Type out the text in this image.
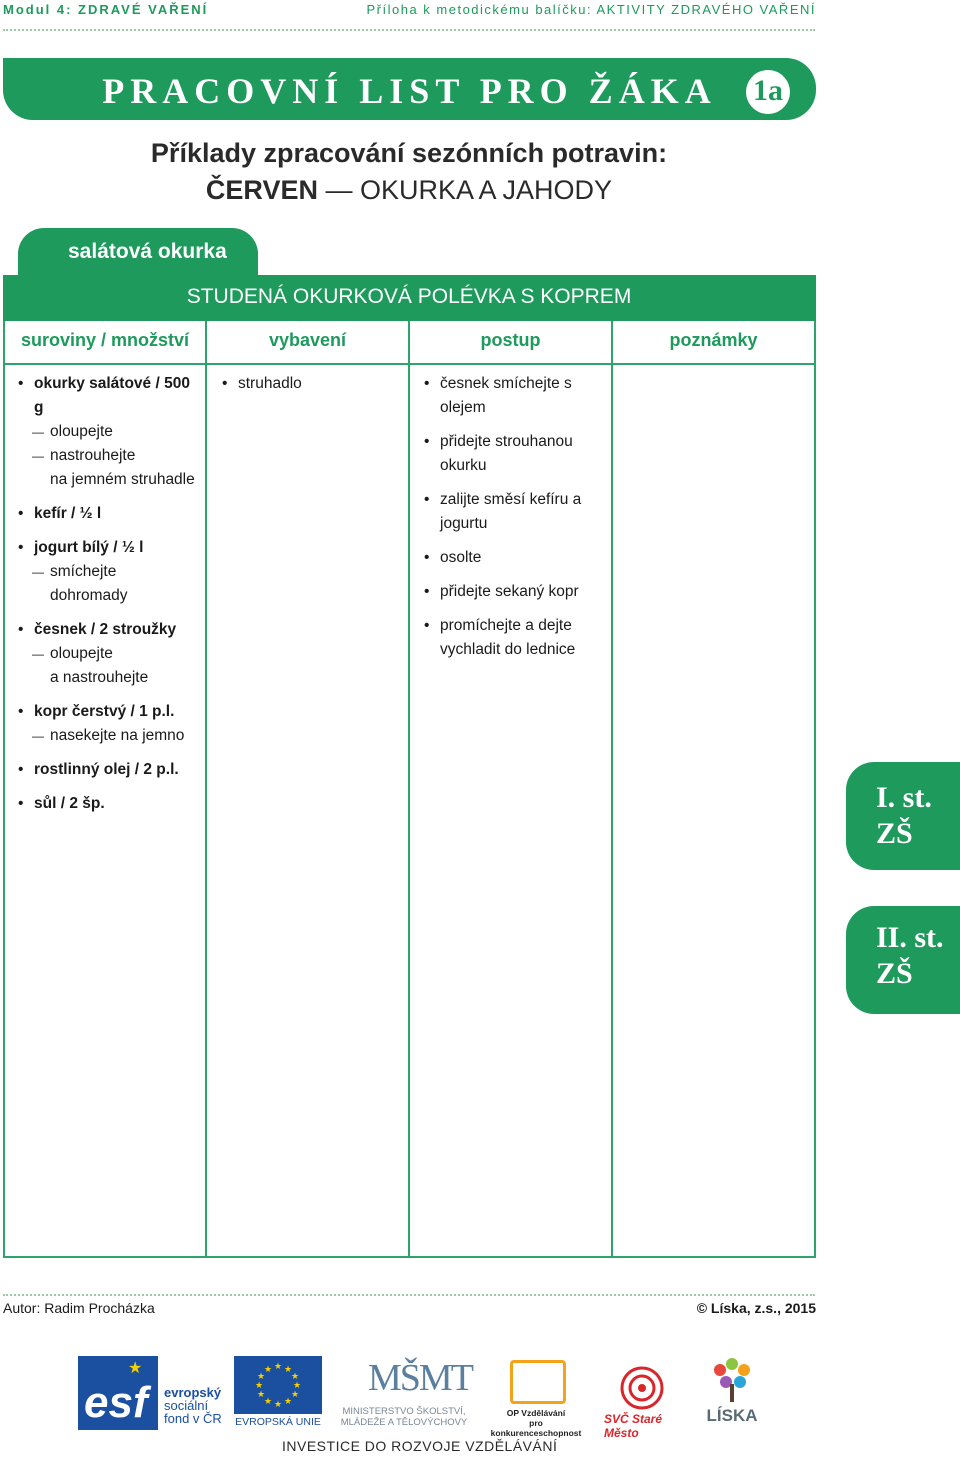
Modul 4: ZDRAVÉ VAŘENÍ	Příloha k metodickému balíčku: AKTIVITY ZDRAVÉHO VAŘENÍ
PRACOVNÍ LIST PRO ŽÁKA	1a
Příklady zpracování sezónních potravin:
ČERVEN — OKURKA A JAHODY
salátová okurka
STUDENÁ OKURKOVÁ POLÉVKA S KOPREM
suroviny / množství	vybavení	postup	poznámky
• okurky salátové / 500 g
— oloupejte
— nastrouhejte
na jemném struhadle
• kefír / ½ l
• jogurt bílý / ½ l
— smíchejte dohromady
• česnek / 2 stroužky
— oloupejte
a nastrouhejte
• kopr čerstvý / 1 p.l.
— nasekejte na jemno
• rostlinný olej / 2 p.l.
• sůl / 2 šp.
• struhadlo
•	česnek smíchejte s olejem
• přidejte strouhanou okurku
• zalijte směsí kefíru a jogurtu
• osolte
• přidejte sekaný kopr
• promíchejte a dejte vychladit do lednice
I. st.
ZŠ
II. st.
ZŠ
Autor: Radim Procházka	© Líska, z.s., 2015
esf
★
evropský
sociální
fond v ČR
★ ★
★
★
★
★
★
★
★
★
★
★
EVROPSKÁ UNIE
MŠMT
MINISTERSTVO ŠKOLSTVÍ,
MLÁDEŽE A TĚLOVÝCHOVY
OP Vzdělávání
pro konkurenceschopnost
SVČ Staré Město
LÍSKA
INVESTICE DO ROZVOJE VZDĚLÁVÁNÍ
